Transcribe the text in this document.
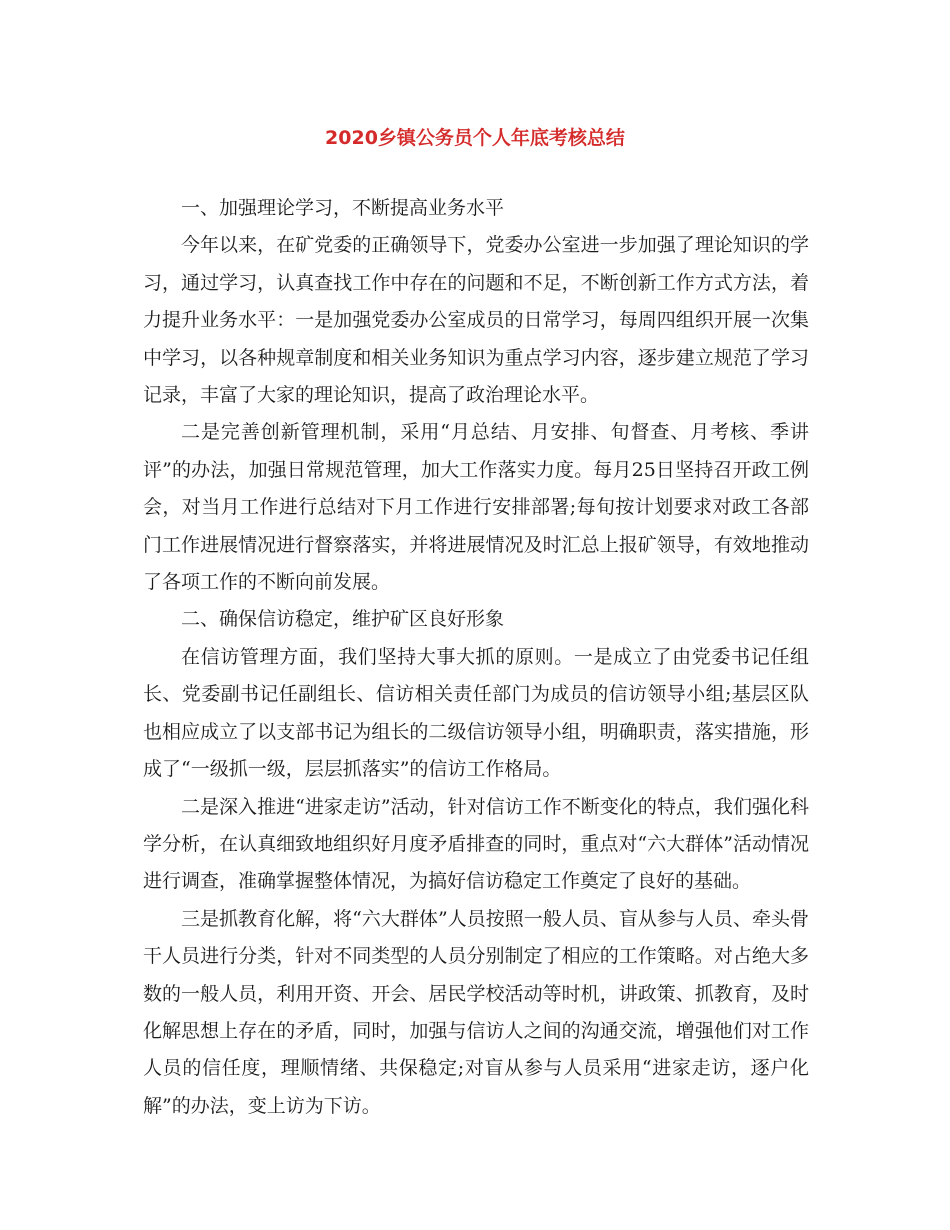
2020乡镇公务员个人年底考核总结

一、加强理论学习，不断提高业务水平

今年以来，在矿党委的正确领导下，党委办公室进一步加强了理论知识的学习，通过学习，认真查找工作中存在的问题和不足，不断创新工作方式方法，着力提升业务水平：一是加强党委办公室成员的日常学习，每周四组织开展一次集中学习，以各种规章制度和相关业务知识为重点学习内容，逐步建立规范了学习记录，丰富了大家的理论知识，提高了政治理论水平。

二是完善创新管理机制，采用“月总结、月安排、旬督查、月考核、季讲评”的办法，加强日常规范管理，加大工作落实力度。每月25日坚持召开政工例会，对当月工作进行总结对下月工作进行安排部署;每旬按计划要求对政工各部门工作进展情况进行督察落实，并将进展情况及时汇总上报矿领导，有效地推动了各项工作的不断向前发展。

二、确保信访稳定，维护矿区良好形象

在信访管理方面，我们坚持大事大抓的原则。一是成立了由党委书记任组长、党委副书记任副组长、信访相关责任部门为成员的信访领导小组;基层区队也相应成立了以支部书记为组长的二级信访领导小组，明确职责，落实措施，形成了“一级抓一级，层层抓落实”的信访工作格局。

二是深入推进“进家走访”活动，针对信访工作不断变化的特点，我们强化科学分析，在认真细致地组织好月度矛盾排查的同时，重点对“六大群体”活动情况进行调查，准确掌握整体情况，为搞好信访稳定工作奠定了良好的基础。

三是抓教育化解，将“六大群体”人员按照一般人员、盲从参与人员、牵头骨干人员进行分类，针对不同类型的人员分别制定了相应的工作策略。对占绝大多数的一般人员，利用开资、开会、居民学校活动等时机，讲政策、抓教育，及时化解思想上存在的矛盾，同时，加强与信访人之间的沟通交流，增强他们对工作人员的信任度，理顺情绪、共保稳定;对盲从参与人员采用“进家走访，逐户化解”的办法，变上访为下访。
